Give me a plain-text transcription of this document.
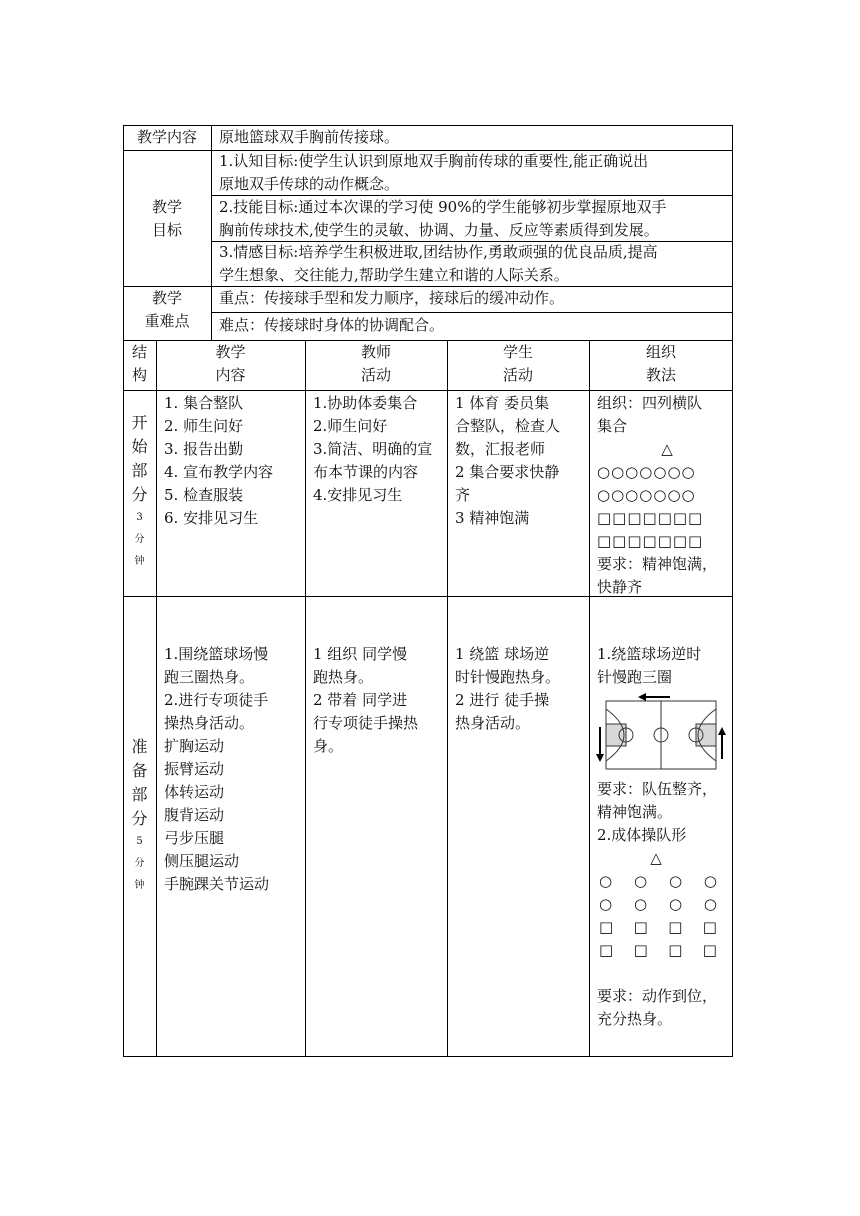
教学内容	原地篮球双手胸前传接球。
教学
目标
1.认知目标:使学生认识到原地双手胸前传球的重要性,能正确说出
原地双手传球的动作概念。
2.技能目标:通过本次课的学习使 90%的学生能够初步掌握原地双手
胸前传球技术,使学生的灵敏、协调、力量、反应等素质得到发展。
3.情感目标:培养学生积极进取,团结协作,勇敢顽强的优良品质,提高
学生想象、交往能力,帮助学生建立和谐的人际关系。
教学
重难点
重点：传接球手型和发力顺序，接球后的缓冲动作。
难点：传接球时身体的协调配合。
结
构
教学
内容
教师
活动
学生
活动
组织
教法
开
始
部
分
3
分
钟
1. 集合整队
2. 师生问好
3. 报告出勤
4. 宣布教学内容
5. 检查服装
6. 安排见习生
1.协助体委集合
2.师生问好
3.简洁、明确的宣
布本节课的内容
4.安排见习生
1 体育 委员集
合整队，检查人
数，汇报老师
2 集合要求快静
齐
3 精神饱满
组织：四列横队
集合
△
○○○○○○○
○○○○○○○
□□□□□□□
□□□□□□□
要求：精神饱满，
快静齐
准
备
部
分
5
分
钟
1.围绕篮球场慢
跑三圈热身。
2.进行专项徒手
操热身活动。
扩胸运动
振臂运动
体转运动
腹背运动
弓步压腿
侧压腿运动
手腕踝关节运动
1 组织 同学慢
跑热身。
2 带着 同学进
行专项徒手操热
身。
1 绕篮 球场逆
时针慢跑热身。
2 进行 徒手操
热身活动。
1.绕篮球场逆时
针慢跑三圈
要求：队伍整齐，
精神饱满。
2.成体操队形
△
○ ○ ○ ○
○ ○ ○ ○
□ □ □ □
□ □ □ □
要求：动作到位，
充分热身。
